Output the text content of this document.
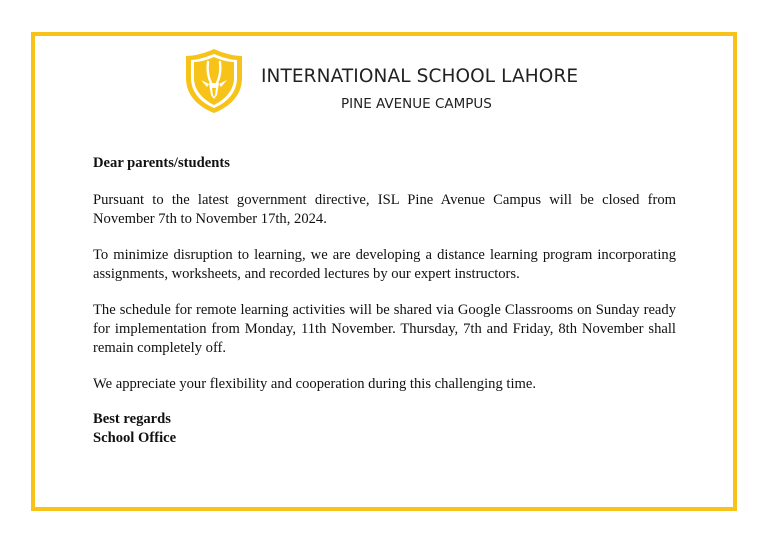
INTERNATIONAL SCHOOL LAHORE
PINE AVENUE CAMPUS

Dear parents/students

Pursuant to the latest government directive, ISL Pine Avenue Campus will be closed from November 7th to November 17th, 2024.

To minimize disruption to learning, we are developing a distance learning program incorporating assignments, worksheets, and recorded lectures by our expert instructors.

The schedule for remote learning activities will be shared via Google Classrooms on Sunday ready for implementation from Monday, 11th November. Thursday, 7th and Friday, 8th November shall remain completely off.

We appreciate your flexibility and cooperation during this challenging time.

Best regards
School Office
